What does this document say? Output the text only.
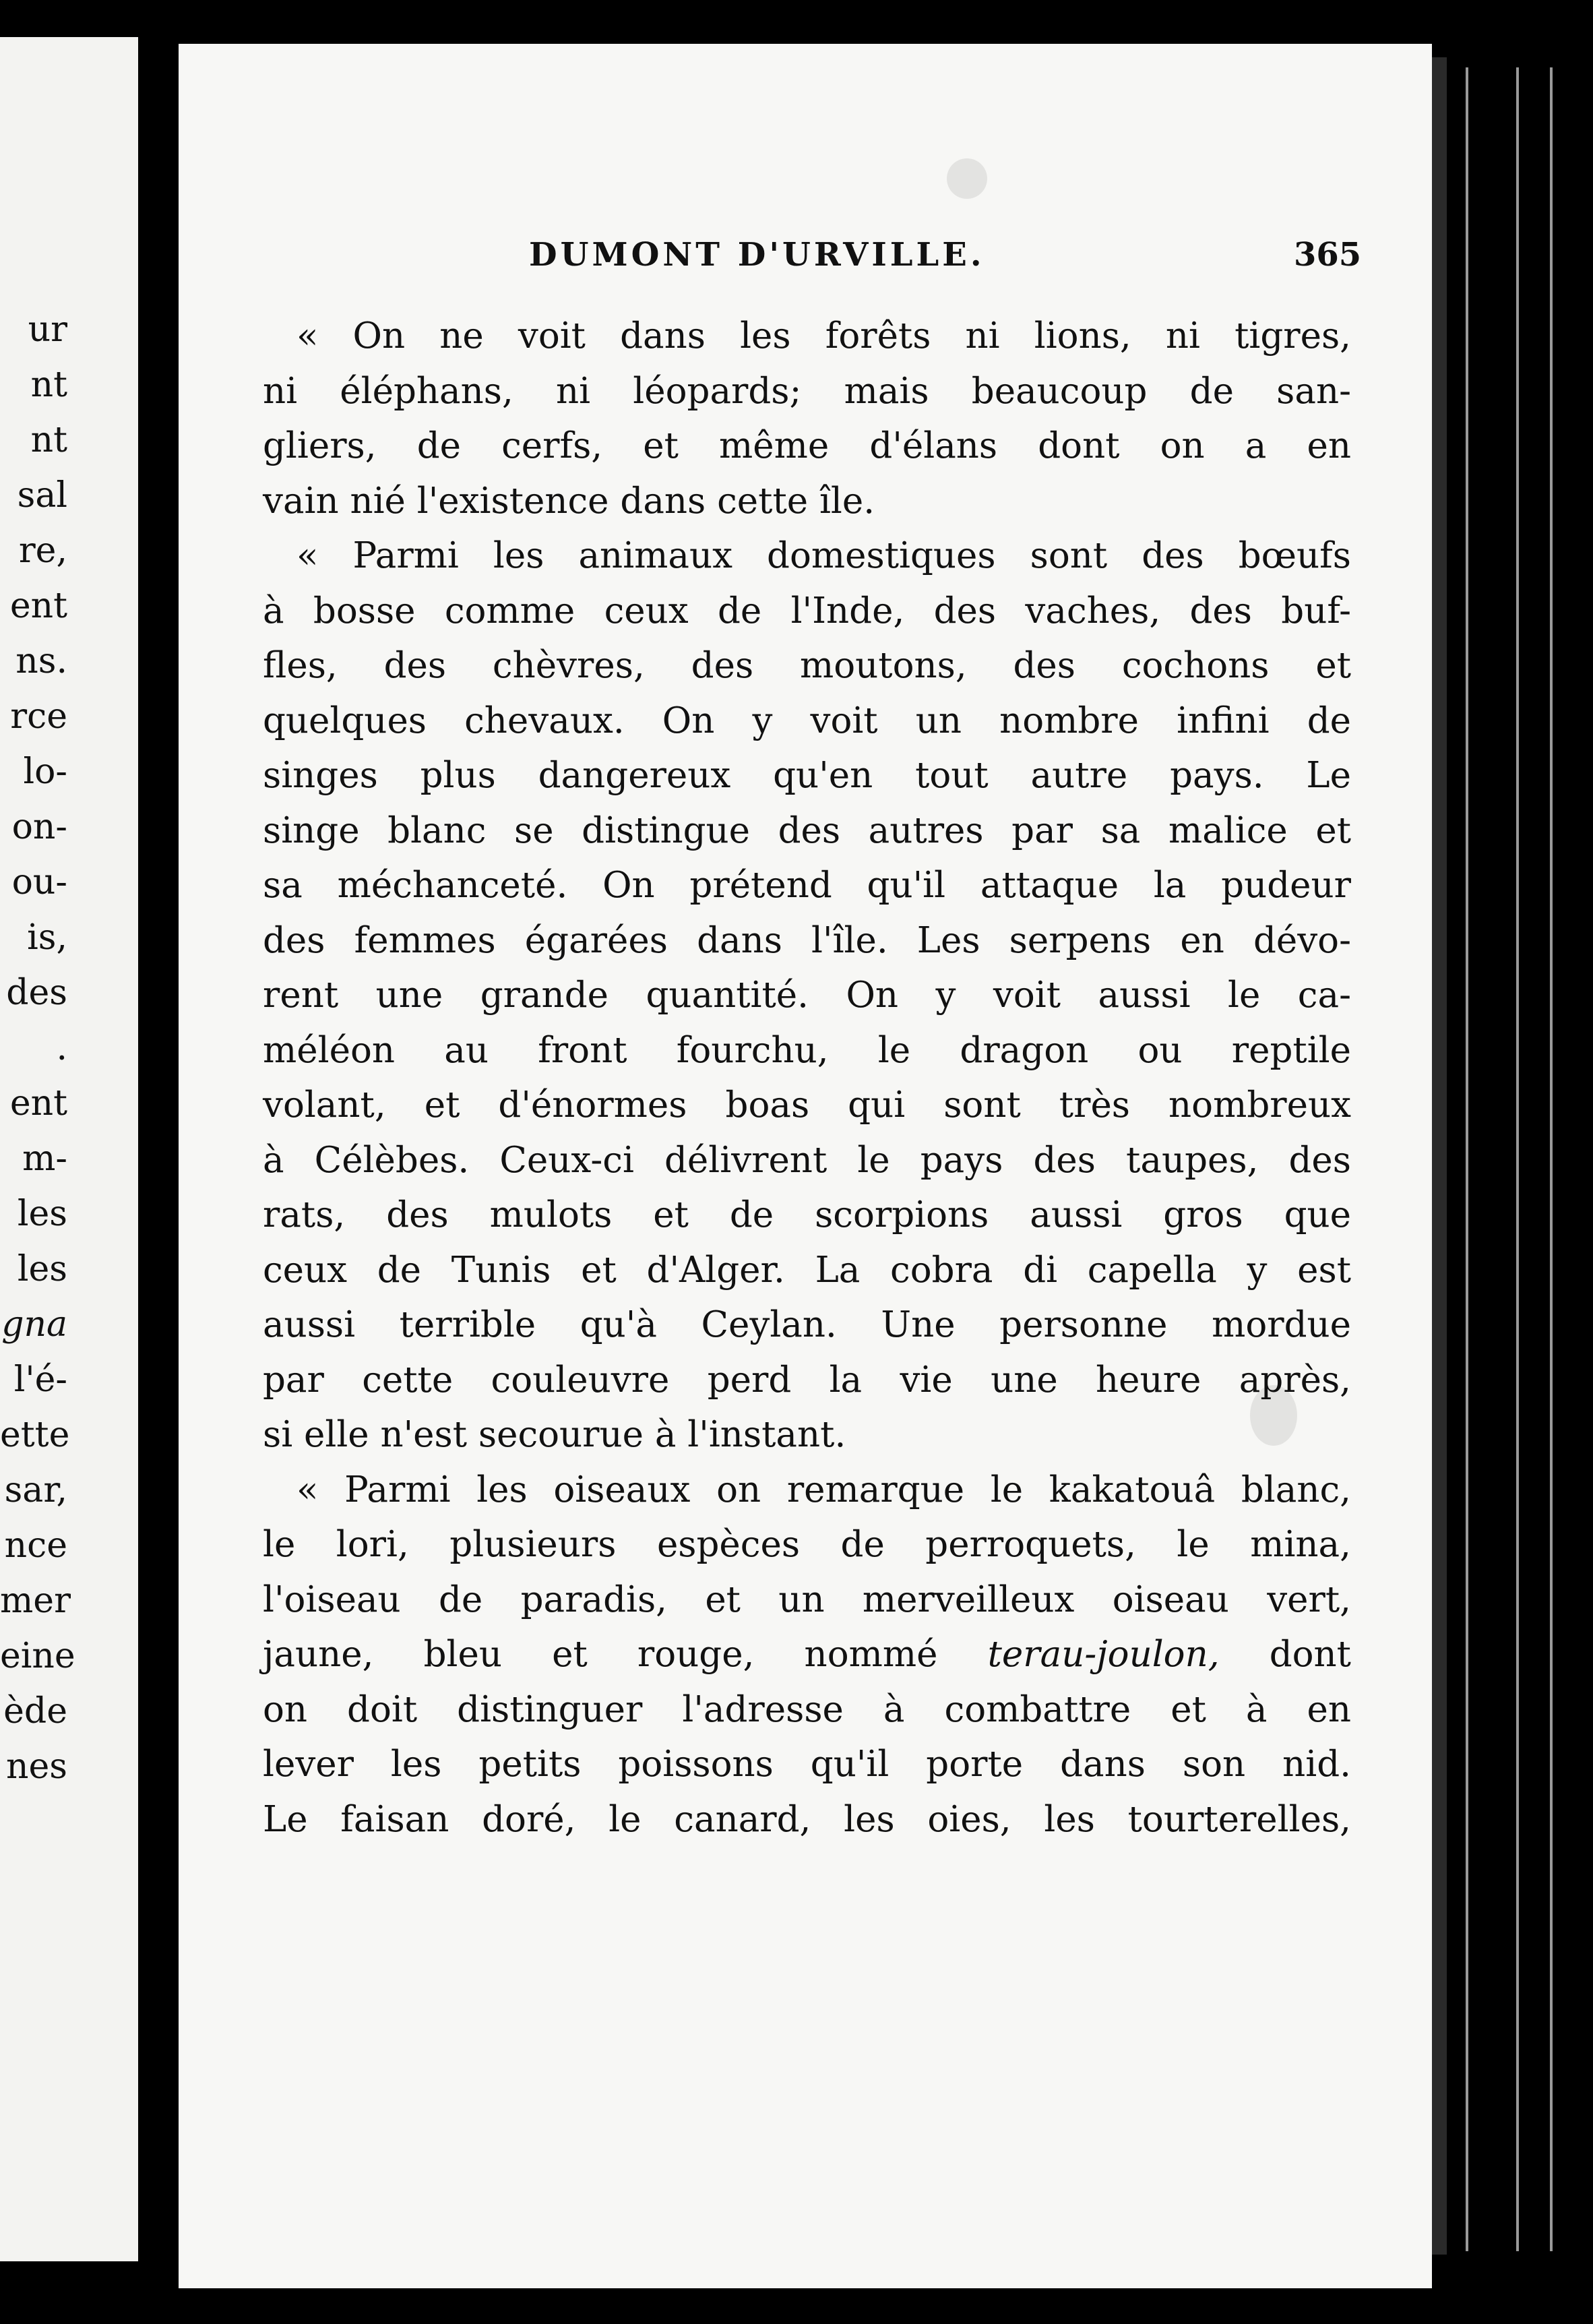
ur
nt
nt
sal
re,
ent
ns.
rce
lo-
on-
ou-
is,
des
.
ent
m-
les
les
gna
l'é-
ette
sar,
nce
mer
eine
ède
nes
DUMONT D'URVILLE.	365
« On ne voit dans les forêts ni lions, ni tigres,
ni éléphans, ni léopards; mais beaucoup de san-
gliers, de cerfs, et même d'élans dont on a en
vain nié l'existence dans cette île.
« Parmi les animaux domestiques sont des bœufs
à bosse comme ceux de l'Inde, des vaches, des buf-
fles, des chèvres, des moutons, des cochons et
quelques chevaux. On y voit un nombre infini de
singes plus dangereux qu'en tout autre pays. Le
singe blanc se distingue des autres par sa malice et
sa méchanceté. On prétend qu'il attaque la pudeur
des femmes égarées dans l'île. Les serpens en dévo-
rent une grande quantité. On y voit aussi le ca-
méléon au front fourchu, le dragon ou reptile
volant, et d'énormes boas qui sont très nombreux
à Célèbes. Ceux-ci délivrent le pays des taupes, des
rats, des mulots et de scorpions aussi gros que
ceux de Tunis et d'Alger. La cobra di capella y est
aussi terrible qu'à Ceylan. Une personne mordue
par cette couleuvre perd la vie une heure après,
si elle n'est secourue à l'instant.
« Parmi les oiseaux on remarque le kakatouâ blanc,
le lori, plusieurs espèces de perroquets, le mina,
l'oiseau de paradis, et un merveilleux oiseau vert,
jaune, bleu et rouge, nommé terau-joulon, dont
on doit distinguer l'adresse à combattre et à en
lever les petits poissons qu'il porte dans son nid.
Le faisan doré, le canard, les oies, les tourterelles,
